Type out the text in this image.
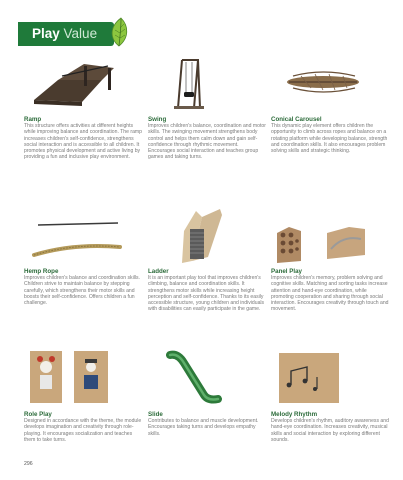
Play Value
Ramp
This structure offers activities at different heights while improving balance and coordination. The ramp increases children's self-confidence, strengthens social interaction and is accessible to all children. It promotes physical development and active living by providing a fun and inclusive play environment.
Swing
Improves children's balance, coordination and motor skills. The swinging movement strengthens body control and helps them calm down and gain self-confidence through rhythmic movement. Encourages social interaction and teaches group games and taking turns.
Conical Carousel
This dynamic play element offers children the opportunity to climb across ropes and balance on a rotating platform while developing balance, strength and coordination skills. It also encourages problem solving skills and strategic thinking.
Hemp Rope
Improves children's balance and coordination skills. Children strive to maintain balance by stepping carefully, which strengthens their motor skills and boosts their self-confidence. Offers children a fun challenge.
Ladder
It is an important play tool that improves children's climbing, balance and coordination skills. It strengthens motor skills while increasing height perception and self-confidence. Thanks to its easily accessible structure, young children and individuals with disabilities can easily participate in the game.
Panel Play
Improves children's memory, problem solving and cognitive skills. Matching and sorting tasks increase attention and hand-eye coordination, while promoting cooperation and sharing through social interaction. Encourages creativity through touch and movement.
Role Play
Designed in accordance with the theme, the module develops imagination and creativity through role-playing. It encourages socialization and teaches them to take turns.
Slide
Contributes to balance and muscle development. Encourages taking turns and develops empathy skills.
Melody Rhythm
Develops children's rhythm, auditory awareness and hand-eye coordination. Increases creativity, musical skills and social interaction by exploring different sounds.
296
